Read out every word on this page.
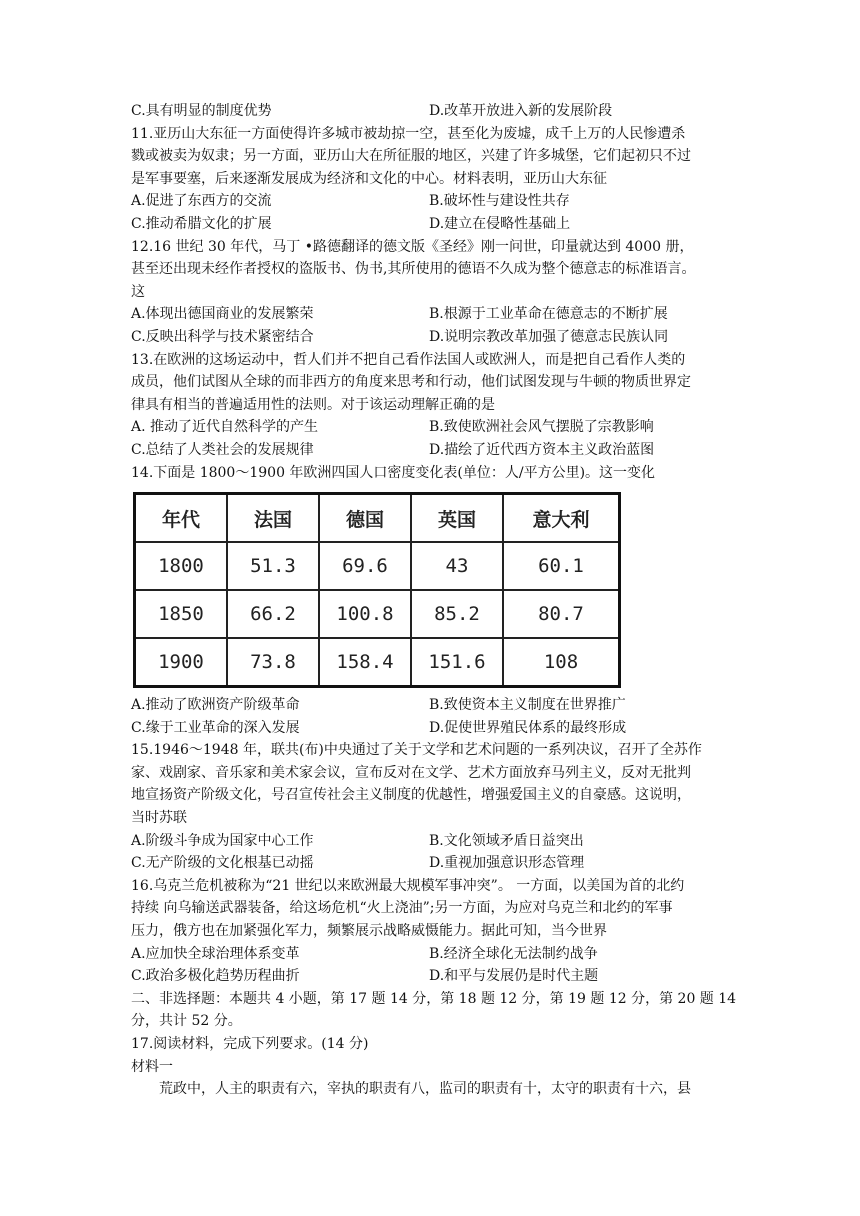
C.具有明显的制度优势	D.改革开放进入新的发展阶段
11.亚历山大东征一方面使得许多城市被劫掠一空，甚至化为废墟，成千上万的人民惨遭杀
戮或被卖为奴隶；另一方面，亚历山大在所征服的地区，兴建了许多城堡，它们起初只不过
是军事要塞，后来逐渐发展成为经济和文化的中心。材料表明，亚历山大东征
A.促进了东西方的交流	B.破坏性与建设性共存
C.推动希腊文化的扩展	D.建立在侵略性基础上
12.16 世纪 30 年代，马丁 •路德翻译的德文版《圣经》刚一问世，印量就达到 4000 册，
甚至还出现未经作者授权的盗版书、伪书,其所使用的德语不久成为整个德意志的标准语言。
这
A.体现出德国商业的发展繁荣	B.根源于工业革命在德意志的不断扩展
C.反映出科学与技术紧密结合	D.说明宗教改革加强了德意志民族认同
13.在欧洲的这场运动中，哲人们并不把自己看作法国人或欧洲人，而是把自己看作人类的
成员，他们试图从全球的而非西方的角度来思考和行动，他们试图发现与牛顿的物质世界定
律具有相当的普遍适用性的法则。对于该运动理解正确的是
A. 推动了近代自然科学的产生	B.致使欧洲社会风气摆脱了宗教影响
C.总结了人类社会的发展规律	D.描绘了近代西方资本主义政治蓝图
14.下面是 1800～1900 年欧洲四国人口密度变化表(单位：人/平方公里)。这一变化
年代	法国	德国	英国	意大利
1800	51.3	69.6	43	60.1
1850	66.2	100.8	85.2	80.7
1900	73.8	158.4	151.6	108
A.推动了欧洲资产阶级革命	B.致使资本主义制度在世界推广
C.缘于工业革命的深入发展	D.促使世界殖民体系的最终形成
15.1946～1948 年，联共(布)中央通过了关于文学和艺术问题的一系列决议，召开了全苏作
家、戏剧家、音乐家和美术家会议，宣布反对在文学、艺术方面放弃马列主义，反对无批判
地宣扬资产阶级文化，号召宣传社会主义制度的优越性，增强爱国主义的自豪感。这说明，
当时苏联
A.阶级斗争成为国家中心工作	B.文化领域矛盾日益突出
C.无产阶级的文化根基已动摇	D.重视加强意识形态管理
16.乌克兰危机被称为“21 世纪以来欧洲最大规模军事冲突”。 一方面，以美国为首的北约
持续 向乌输送武器装备，给这场危机“火上浇油”;另一方面，为应对乌克兰和北约的军事
压力，俄方也在加紧强化军力，频繁展示战略威慑能力。据此可知，当今世界
A.应加快全球治理体系变革	B.经济全球化无法制约战争
C.政治多极化趋势历程曲折	D.和平与发展仍是时代主题
二、非选择题：本题共 4 小题，第 17 题 14 分，第 18 题 12 分，第 19 题 12 分，第 20 题 14
分，共计 52 分。
17.阅读材料，完成下列要求。(14 分)
材料一
荒政中，人主的职责有六，宰执的职责有八，监司的职责有十，太守的职责有十六，县
